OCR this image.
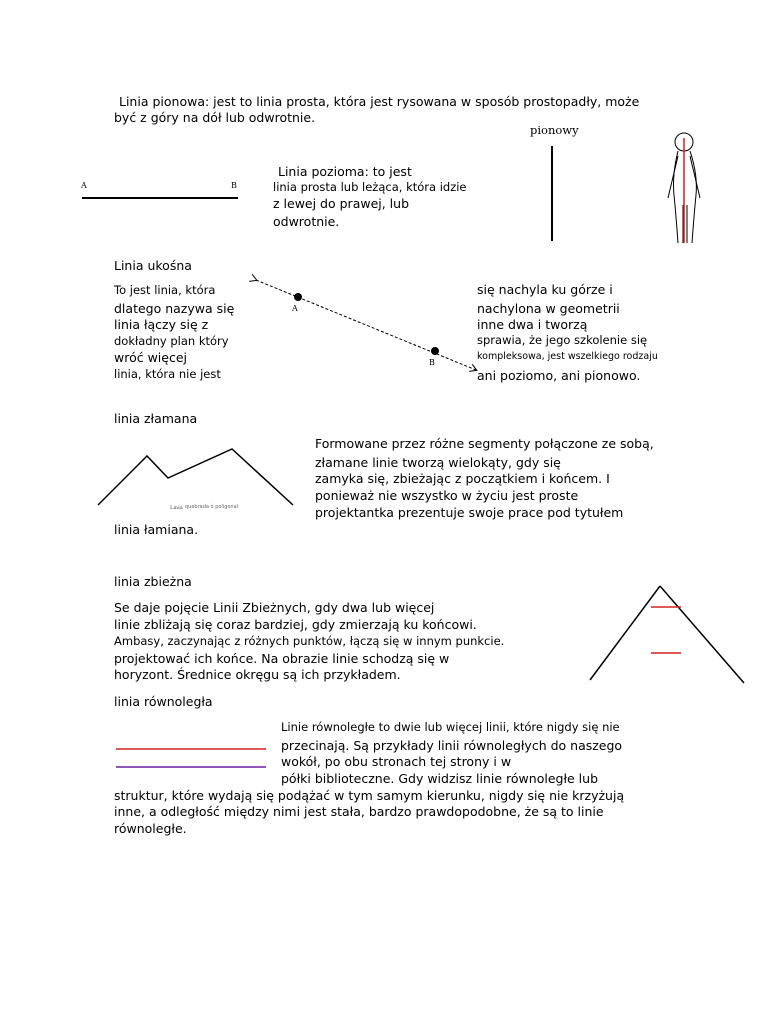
Linia pionowa: jest to linia prosta, która jest rysowana w sposób prostopadły, może
być z góry na dół lub odwrotnie.
pionowy
A	B
Linia pozioma: to jest
linia prosta lub leżąca, która idzie
z lewej do prawej, lub
odwrotnie.
Linia ukośna
To jest linia, która
dlatego nazywa się
linia łączy się z
dokładny plan który
wróć więcej
linia, która nie jest
A
B
się nachyla ku górze i
nachylona w geometrii
inne dwa i tworzą
sprawia, że jego szkolenie się
kompleksowa, jest wszelkiego rodzaju
ani poziomo, ani pionowo.
linia złamana
Formowane przez różne segmenty połączone ze sobą,
złamane linie tworzą wielokąty, gdy się
zamyka się, zbieżając z początkiem i końcem. I
ponieważ nie wszystko w życiu jest proste
projektantka prezentuje swoje prace pod tytułem
linia łamiana.
Linia quebrada ó poligonal
linia zbieżna
Se daje pojęcie Linii Zbieżnych, gdy dwa lub więcej
linie zbliżają się coraz bardziej, gdy zmierzają ku końcowi.
Ambasy, zaczynając z różnych punktów, łączą się w innym punkcie.
projektować ich końce. Na obrazie linie schodzą się w
horyzont. Średnice okręgu są ich przykładem.
linia równoległa
Linie równoległe to dwie lub więcej linii, które nigdy się nie
przecinają. Są przykłady linii równoległych do naszego
wokół, po obu stronach tej strony i w
półki biblioteczne. Gdy widzisz linie równoległe lub
struktur, które wydają się podążać w tym samym kierunku, nigdy się nie krzyżują
inne, a odległość między nimi jest stała, bardzo prawdopodobne, że są to linie
równoległe.
